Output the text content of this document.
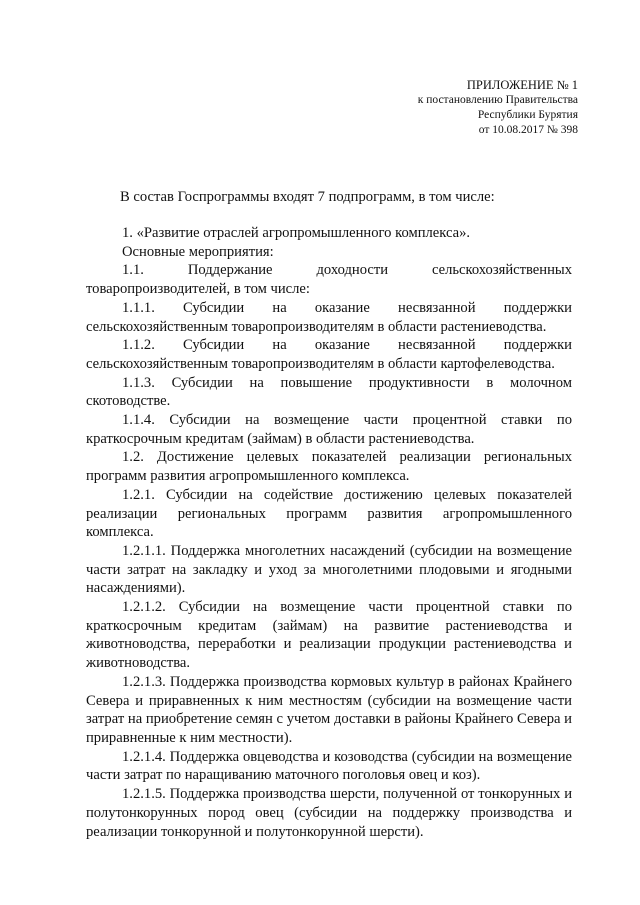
ПРИЛОЖЕНИЕ № 1
к постановлению Правительства
Республики Бурятия
от 10.08.2017 № 398
В состав Госпрограммы входят 7 подпрограмм, в том числе:

1. «Развитие отраслей агропромышленного комплекса».

Основные мероприятия:

1.1. Поддержание доходности сельскохозяйственных товаропроизводителей, в том числе:

1.1.1. Субсидии на оказание несвязанной поддержки сельскохозяйственным товаропроизводителям в области растениеводства.

1.1.2. Субсидии на оказание несвязанной поддержки сельскохозяйственным товаропроизводителям в области картофелеводства.

1.1.3. Субсидии на повышение продуктивности в молочном скотоводстве.

1.1.4. Субсидии на возмещение части процентной ставки по краткосрочным кредитам (займам) в области растениеводства.

1.2. Достижение целевых показателей реализации региональных программ развития агропромышленного комплекса.

1.2.1. Субсидии на содействие достижению целевых показателей реализации региональных программ развития агропромышленного комплекса.

1.2.1.1. Поддержка многолетних насаждений (субсидии на возмещение части затрат на закладку и уход за многолетними плодовыми и ягодными насаждениями).

1.2.1.2. Субсидии на возмещение части процентной ставки по краткосрочным кредитам (займам) на развитие растениеводства и животноводства, переработки и реализации продукции растениеводства и животноводства.

1.2.1.3. Поддержка производства кормовых культур в районах Крайнего Севера и приравненных к ним местностям (субсидии на возмещение части затрат на приобретение семян с учетом доставки в районы Крайнего Севера и приравненные к ним местности).

1.2.1.4. Поддержка овцеводства и козоводства (субсидии на возмещение части затрат по наращиванию маточного поголовья овец и коз).

1.2.1.5. Поддержка производства шерсти, полученной от тонкорунных и полутонкорунных пород овец (субсидии на поддержку производства и реализации тонкорунной и полутонкорунной шерсти).
